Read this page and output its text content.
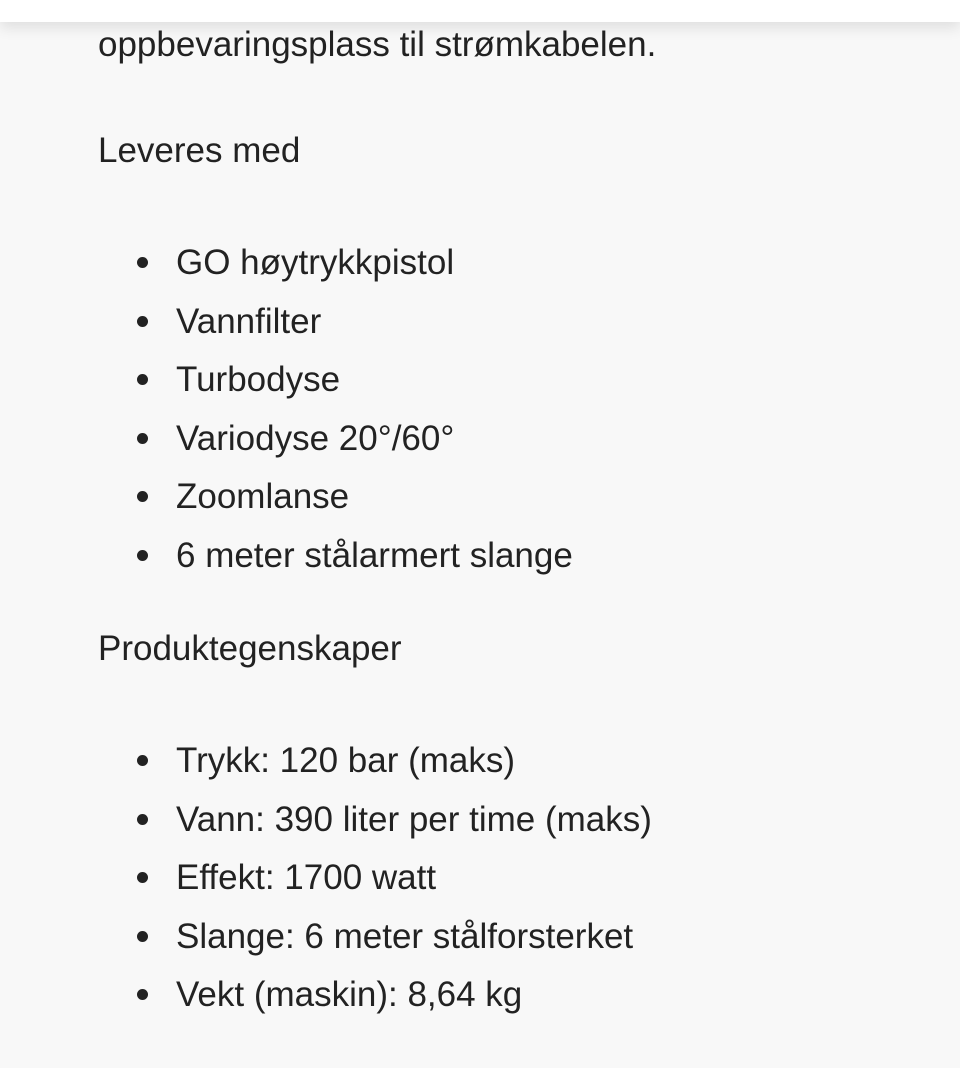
oppbevaringsplass til strømkabelen.

Leveres med

GO høytrykkpistol
Vannfilter
Turbodyse
Variodyse 20°/60°
Zoomlanse
6 meter stålarmert slange

Produktegenskaper

Trykk: 120 bar (maks)
Vann: 390 liter per time (maks)
Effekt: 1700 watt
Slange: 6 meter stålforsterket
Vekt (maskin): 8,64 kg
